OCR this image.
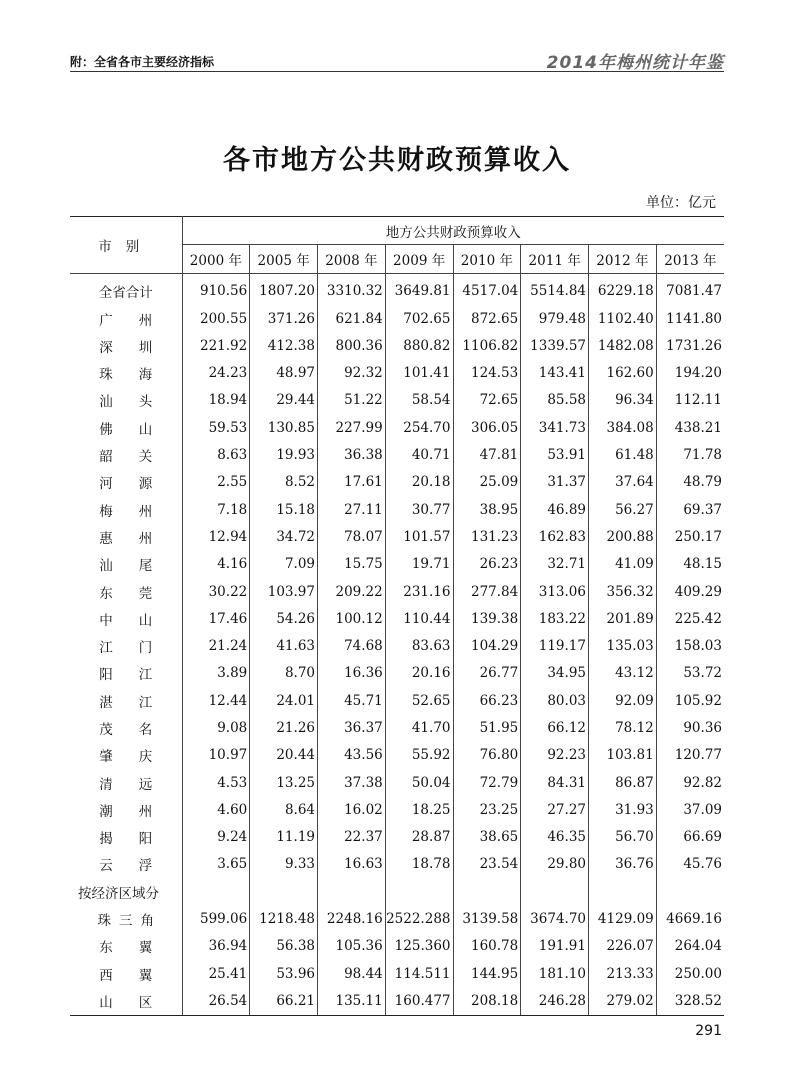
附：全省各市主要经济指标	2014年梅州统计年鉴
各市地方公共财政预算收入
单位：亿元
市别	地方公共财政预算收入							
	2000 年	2005 年	2008 年	2009 年	2010 年	2011 年	2012 年	2013 年
全省合计	910.56	1807.20	3310.32	3649.81	4517.04	5514.84	6229.18	7081.47
广州	200.55	371.26	621.84	702.65	872.65	979.48	1102.40	1141.80
深圳	221.92	412.38	800.36	880.82	1106.82	1339.57	1482.08	1731.26
珠海	24.23	48.97	92.32	101.41	124.53	143.41	162.60	194.20
汕头	18.94	29.44	51.22	58.54	72.65	85.58	96.34	112.11
佛山	59.53	130.85	227.99	254.70	306.05	341.73	384.08	438.21
韶关	8.63	19.93	36.38	40.71	47.81	53.91	61.48	71.78
河源	2.55	8.52	17.61	20.18	25.09	31.37	37.64	48.79
梅州	7.18	15.18	27.11	30.77	38.95	46.89	56.27	69.37
惠州	12.94	34.72	78.07	101.57	131.23	162.83	200.88	250.17
汕尾	4.16	7.09	15.75	19.71	26.23	32.71	41.09	48.15
东莞	30.22	103.97	209.22	231.16	277.84	313.06	356.32	409.29
中山	17.46	54.26	100.12	110.44	139.38	183.22	201.89	225.42
江门	21.24	41.63	74.68	83.63	104.29	119.17	135.03	158.03
阳江	3.89	8.70	16.36	20.16	26.77	34.95	43.12	53.72
湛江	12.44	24.01	45.71	52.65	66.23	80.03	92.09	105.92
茂名	9.08	21.26	36.37	41.70	51.95	66.12	78.12	90.36
肇庆	10.97	20.44	43.56	55.92	76.80	92.23	103.81	120.77
清远	4.53	13.25	37.38	50.04	72.79	84.31	86.87	92.82
潮州	4.60	8.64	16.02	18.25	23.25	27.27	31.93	37.09
揭阳	9.24	11.19	22.37	28.87	38.65	46.35	56.70	66.69
云浮	3.65	9.33	16.63	18.78	23.54	29.80	36.76	45.76
按经济区域分								
珠三角	599.06	1218.48	2248.16	2522.288	3139.58	3674.70	4129.09	4669.16
东翼	36.94	56.38	105.36	125.360	160.78	191.91	226.07	264.04
西翼	25.41	53.96	98.44	114.511	144.95	181.10	213.33	250.00
山区	26.54	66.21	135.11	160.477	208.18	246.28	279.02	328.52
291
